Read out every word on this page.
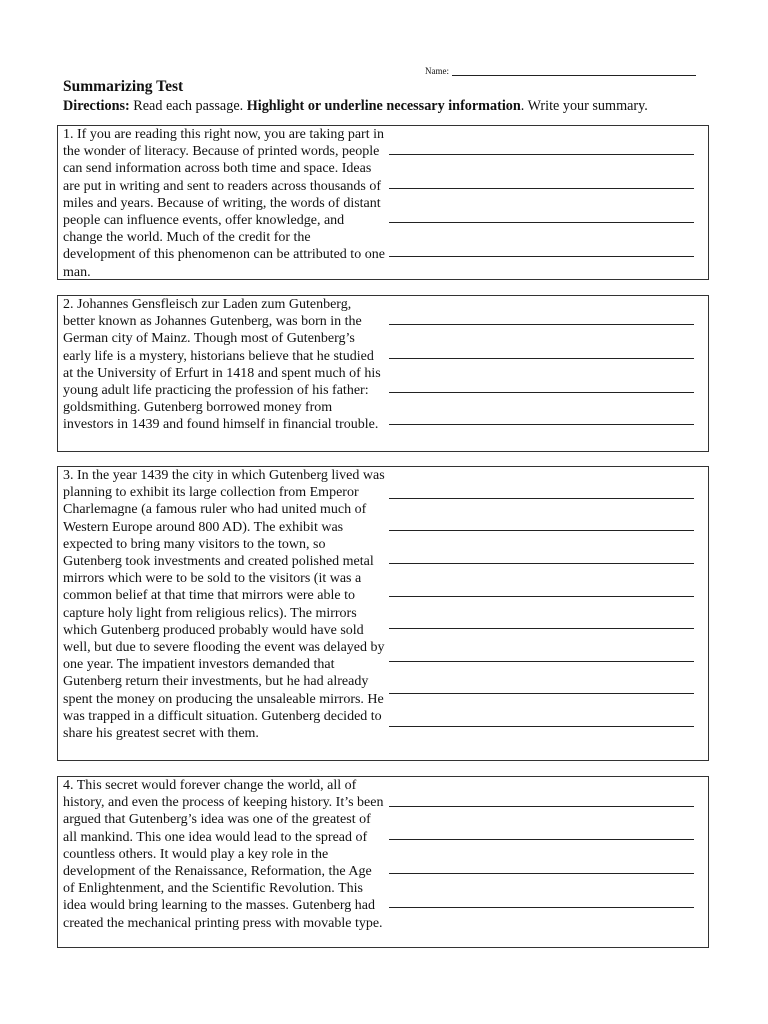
Name:
Summarizing Test
Directions: Read each passage. Highlight or underline necessary information. Write your summary.
1. If you are reading this right now, you are taking part in the wonder of literacy. Because of printed words, people can send information across both time and space. Ideas are put in writing and sent to readers across thousands of miles and years. Because of writing, the words of distant people can influence events, offer knowledge, and change the world. Much of the credit for the development of this phenomenon can be attributed to one man.
2. Johannes Gensfleisch zur Laden zum Gutenberg, better known as Johannes Gutenberg, was born in the German city of Mainz. Though most of Gutenberg’s early life is a mystery, historians believe that he studied at the University of Erfurt in 1418 and spent much of his young adult life practicing the profession of his father: goldsmithing. Gutenberg borrowed money from investors in 1439 and found himself in financial trouble.
3. In the year 1439 the city in which Gutenberg lived was planning to exhibit its large collection from Emperor Charlemagne (a famous ruler who had united much of Western Europe around 800 AD). The exhibit was expected to bring many visitors to the town, so Gutenberg took investments and created polished metal mirrors which were to be sold to the visitors (it was a common belief at that time that mirrors were able to capture holy light from religious relics). The mirrors which Gutenberg produced probably would have sold well, but due to severe flooding the event was delayed by one year. The impatient investors demanded that Gutenberg return their investments, but he had already spent the money on producing the unsaleable mirrors. He was trapped in a difficult situation. Gutenberg decided to share his greatest secret with them.
4. This secret would forever change the world, all of history, and even the process of keeping history. It’s been argued that Gutenberg’s idea was one of the greatest of all mankind. This one idea would lead to the spread of countless others. It would play a key role in the development of the Renaissance, Reformation, the Age of Enlightenment, and the Scientific Revolution. This idea would bring learning to the masses. Gutenberg had created the mechanical printing press with movable type.
